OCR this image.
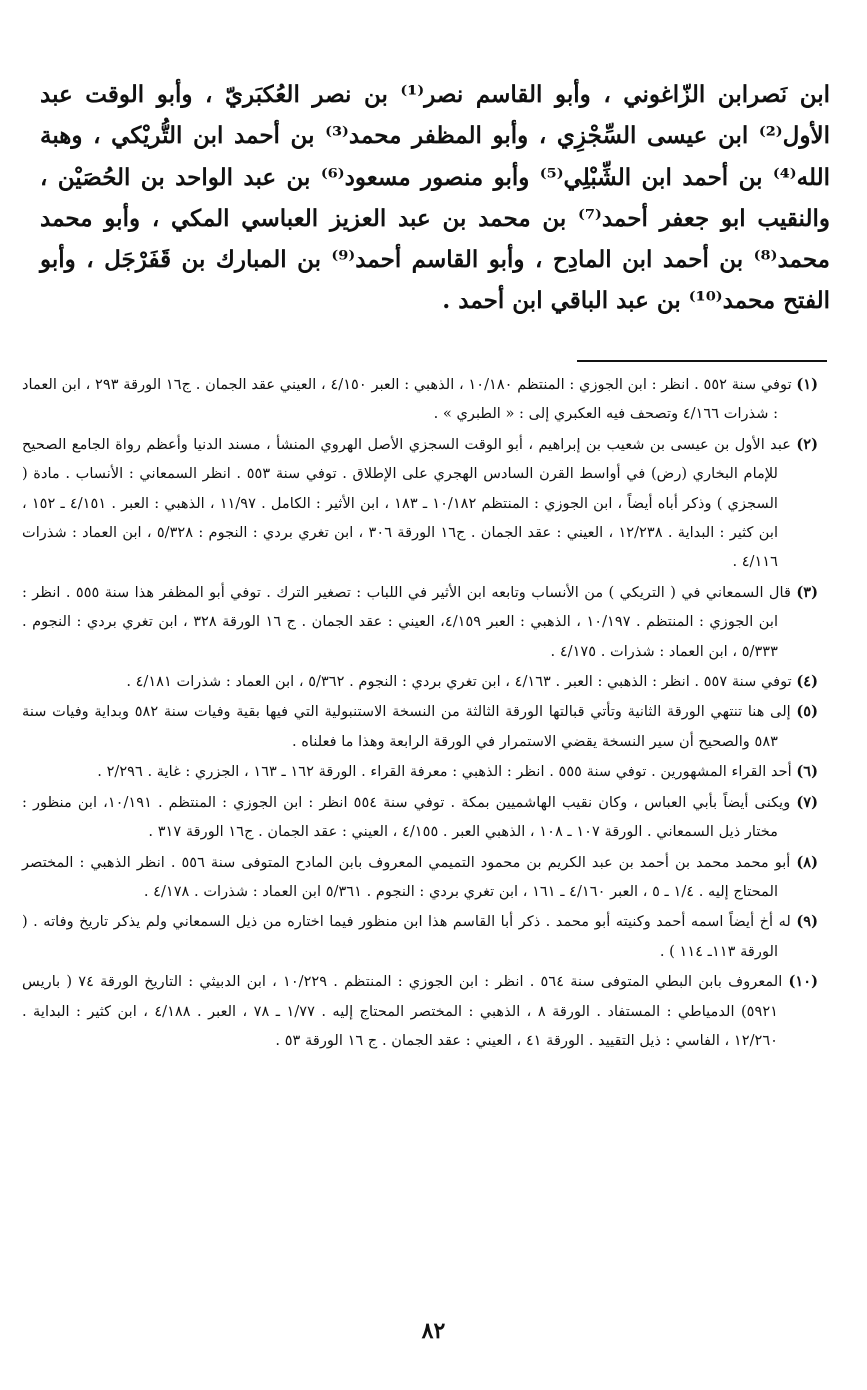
ابن نَصرابن الزّاغوني ، وأبو القاسم نصر⁽¹⁾ بن نصر العُكبَريّ ، وأبو الوقت عبد الأول⁽²⁾ ابن عيسى السِّجْزِي ، وأبو المظفر محمد⁽³⁾ بن أحمد ابن التُّريْكي ، وهبة الله⁽⁴⁾ بن أحمد ابن الشِّبْلِي⁽⁵⁾ وأبو منصور مسعود⁽⁶⁾ بن عبد الواحد بن الحُصَيْن ، والنقيب ابو جعفر أحمد⁽⁷⁾ بن محمد بن عبد العزيز العباسي المكي ، وأبو محمد محمد⁽⁸⁾ بن أحمد ابن المادِح ، وأبو القاسم أحمد⁽⁹⁾ بن المبارك بن قَفَرْجَل ، وأبو الفتح محمد⁽¹⁰⁾ بن عبد الباقي ابن أحمد .

(١) توفي سنة ٥٥٢ . انظر : ابن الجوزي : المنتظم ١٠/١٨٠ ، الذهبي : العبر ٤/١٥٠ ، العيني عقد الجمان . ج١٦ الورقة ٢٩٣ ، ابن العماد : شذرات ٤/١٦٦ وتصحف فيه العكبري إلى : « الطبري » .

(٢) عبد الأول بن عيسى بن شعيب بن إبراهيم ، أبو الوقت السجزي الأصل الهروي المنشأ ، مسند الدنيا وأعظم رواة الجامع الصحيح للإمام البخاري (رض) في أواسط القرن السادس الهجري على الإطلاق . توفي سنة ٥٥٣ . انظر السمعاني : الأنساب . مادة ( السجزي ) وذكر أباه أيضاً ، ابن الجوزي : المنتظم ١٠/١٨٢ ـ ١٨٣ ، ابن الأثير : الكامل . ١١/٩٧ ، الذهبي : العبر . ٤/١٥١ ـ ١٥٢ ، ابن كثير : البداية . ١٢/٢٣٨ ، العيني : عقد الجمان . ج١٦ الورقة ٣٠٦ ، ابن تغري بردي : النجوم : ٥/٣٢٨ ، ابن العماد : شذرات ٤/١١٦ .

(٣) قال السمعاني في ( التريكي ) من الأنساب وتابعه ابن الأثير في اللباب : تصغير الترك . توفي أبو المظفر هذا سنة ٥٥٥ . انظر : ابن الجوزي : المنتظم . ١٠/١٩٧ ، الذهبي : العبر ٤/١٥٩، العيني : عقد الجمان . ج ١٦ الورقة ٣٢٨ ، ابن تغري بردي : النجوم . ٥/٣٣٣ ، ابن العماد : شذرات . ٤/١٧٥ .

(٤) توفي سنة ٥٥٧ . انظر : الذهبي : العبر . ٤/١٦٣ ، ابن تغري بردي : النجوم . ٥/٣٦٢ ، ابن العماد : شذرات ٤/١٨١ .

(٥) إلى هنا تنتهي الورقة الثانية وتأتي قبالتها الورقة الثالثة من النسخة الاستنبولية التي فيها بقية وفيات سنة ٥٨٢ وبداية وفيات سنة ٥٨٣ والصحيح أن سير النسخة يقضي الاستمرار في الورقة الرابعة وهذا ما فعلناه .

(٦) أحد القراء المشهورين . توفي سنة ٥٥٥ . انظر : الذهبي : معرفة القراء . الورقة ١٦٢ ـ ١٦٣ ، الجزري : غاية . ٢/٢٩٦ .

(٧) ويكنى أيضاً بأبي العباس ، وكان نقيب الهاشميين بمكة . توفي سنة ٥٥٤ انظر : ابن الجوزي : المنتظم . ١٠/١٩١، ابن منظور : مختار ذيل السمعاني . الورقة ١٠٧ ـ ١٠٨ ، الذهبي العبر . ٤/١٥٥ ، العيني : عقد الجمان . ج١٦ الورقة ٣١٧ .

(٨) أبو محمد محمد بن أحمد بن عبد الكريم بن محمود التميمي المعروف بابن المادح المتوفى سنة ٥٥٦ . انظر الذهبي : المختصر المحتاج إليه . ١/٤ ـ ٥ ، العبر ٤/١٦٠ ـ ١٦١ ، ابن تغري بردي : النجوم . ٥/٣٦١ ابن العماد : شذرات . ٤/١٧٨ .

(٩) له أخ أيضاً اسمه أحمد وكنيته أبو محمد . ذكر أبا القاسم هذا ابن منظور فيما اختاره من ذيل السمعاني ولم يذكر تاريخ وفاته . ( الورقة ١١٣ـ ١١٤ ) .

(١٠) المعروف بابن البطي المتوفى سنة ٥٦٤ . انظر : ابن الجوزي : المنتظم . ١٠/٢٢٩ ، ابن الدبيثي : التاريخ الورقة ٧٤ ( باريس ٥٩٢١) الدمياطي : المستفاد . الورقة ٨ ، الذهبي : المختصر المحتاج إليه . ١/٧٧ ـ ٧٨ ، العبر . ٤/١٨٨ ، ابن كثير : البداية . ١٢/٢٦٠ ، الفاسي : ذيل التقييد . الورقة ٤١ ، العيني : عقد الجمان . ج ١٦ الورقة ٥٣ .

٨٢
